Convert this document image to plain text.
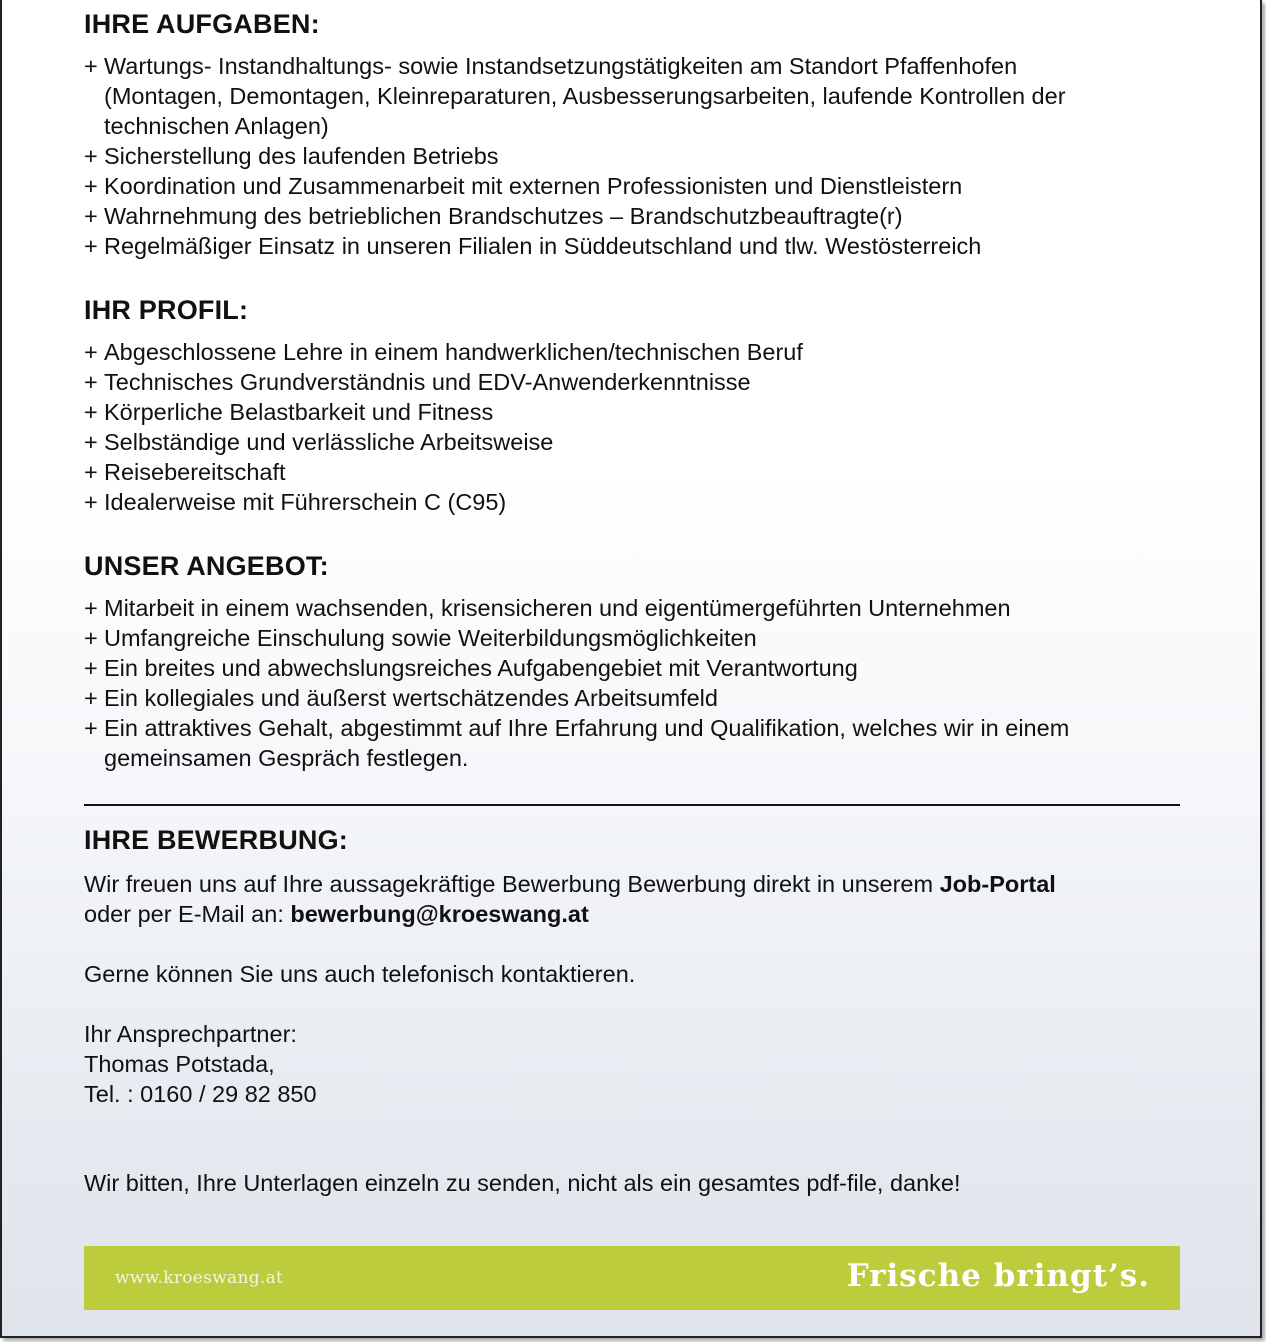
IHRE AUFGABEN:
+ Wartungs- Instandhaltungs- sowie Instandsetzungstätigkeiten am Standort Pfaffenhofen
(Montagen, Demontagen, Kleinreparaturen, Ausbesserungsarbeiten, laufende Kontrollen der
technischen Anlagen)
+ Sicherstellung des laufenden Betriebs
+ Koordination und Zusammenarbeit mit externen Professionisten und Dienstleistern
+ Wahrnehmung des betrieblichen Brandschutzes – Brandschutzbeauftragte(r)
+ Regelmäßiger Einsatz in unseren Filialen in Süddeutschland und tlw. Westösterreich
IHR PROFIL:
+ Abgeschlossene Lehre in einem handwerklichen/technischen Beruf
+ Technisches Grundverständnis und EDV-Anwenderkenntnisse
+ Körperliche Belastbarkeit und Fitness
+ Selbständige und verlässliche Arbeitsweise
+ Reisebereitschaft
+ Idealerweise mit Führerschein C (C95)
UNSER ANGEBOT:
+ Mitarbeit in einem wachsenden, krisensicheren und eigentümergeführten Unternehmen
+ Umfangreiche Einschulung sowie Weiterbildungsmöglichkeiten
+ Ein breites und abwechslungsreiches Aufgabengebiet mit Verantwortung
+ Ein kollegiales und äußerst wertschätzendes Arbeitsumfeld
+ Ein attraktives Gehalt, abgestimmt auf Ihre Erfahrung und Qualifikation, welches wir in einem
gemeinsamen Gespräch festlegen.
IHRE BEWERBUNG:

Wir freuen uns auf Ihre aussagekräftige Bewerbung Bewerbung direkt in unserem Job-Portal
oder per E-Mail an: bewerbung@kroeswang.at

Gerne können Sie uns auch telefonisch kontaktieren.

Ihr Ansprechpartner:
Thomas Potstada,
Tel. : 0160 / 29 82 850

Wir bitten, Ihre Unterlagen einzeln zu senden, nicht als ein gesamtes pdf-file, danke!

www.kroeswang.at	Frische bringt’s.
